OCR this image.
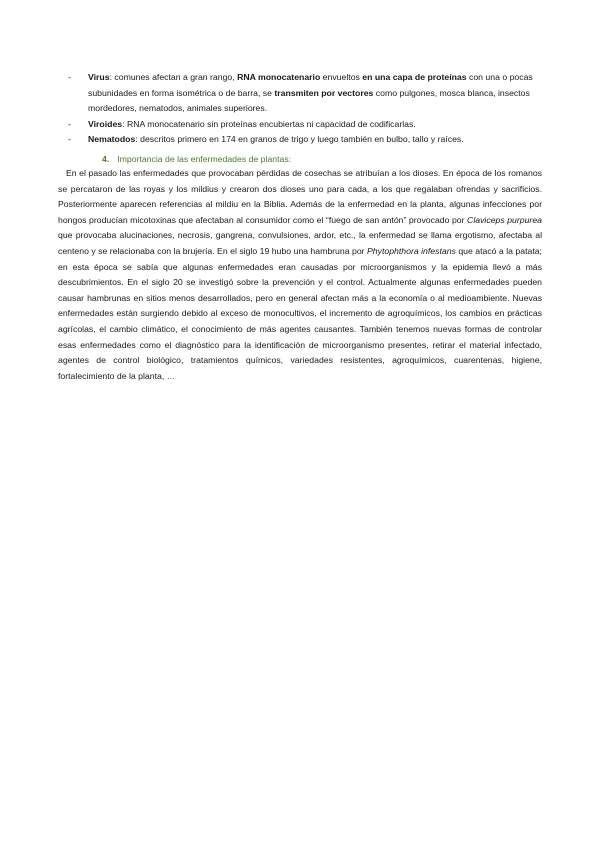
-	Virus: comunes afectan a gran rango, RNA monocatenario envueltos en una capa de proteínas con una o pocas subunidades en forma isométrica o de barra, se transmiten por vectores como pulgones, mosca blanca, insectos mordedores, nematodos, animales superiores.
-	Viroides: RNA monocatenario sin proteínas encubiertas ni capacidad de codificarlas.
-	Nematodos: descritos primero en 174 en granos de trigo y luego también en bulbo, tallo y raíces.
4. Importancia de las enfermedades de plantas:
En el pasado las enfermedades que provocaban pérdidas de cosechas se atribuían a los dioses. En época de los romanos se percataron de las royas y los mildius y crearon dos dioses uno para cada, a los que regalaban ofrendas y sacrificios. Posteriormente aparecen referencias al mildiu en la Biblia. Además de la enfermedad en la planta, algunas infecciones por hongos producían micotoxinas que afectaban al consumidor como el “fuego de san antón” provocado por Claviceps purpurea que provocaba alucinaciones, necrosis, gangrena, convulsiones, ardor, etc., la enfermedad se llama ergotismo, afectaba al centeno y se relacionaba con la brujería. En el siglo 19 hubo una hambruna por Phytophthora infestans que atacó a la patata; en esta época se sabía que algunas enfermedades eran causadas por microorganismos y la epidemia llevó a más descubrimientos. En el siglo 20 se investigó sobre la prevención y el control. Actualmente algunas enfermedades pueden causar hambrunas en sitios menos desarrollados, pero en general afectan más a la economía o al medioambiente. Nuevas enfermedades están surgiendo debido al exceso de monocultivos, el incremento de agroquímicos, los cambios en prácticas agrícolas, el cambio climático, el conocimiento de más agentes causantes. También tenemos nuevas formas de controlar esas enfermedades como el diagnóstico para la identificación de microorganismo presentes, retirar el material infectado, agentes de control biológico, tratamientos químicos, variedades resistentes, agroquímicos, cuarentenas, higiene, fortalecimiento de la planta, …
